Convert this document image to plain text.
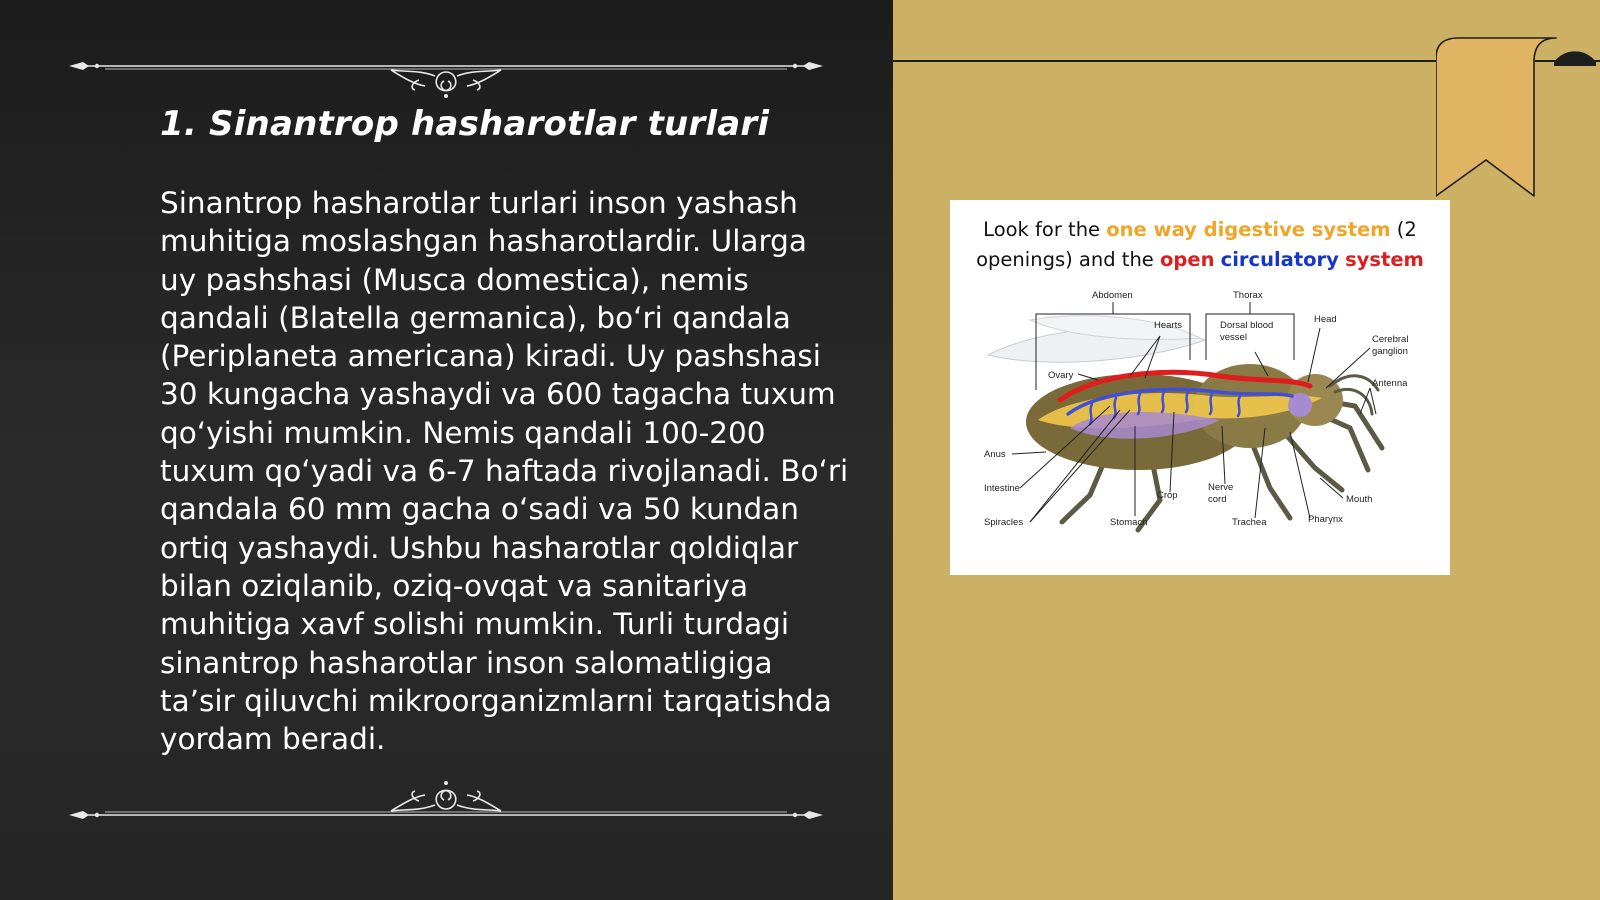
1. Sinantrop hasharotlar turlari

Sinantrop hasharotlar turlari inson yashash muhitiga moslashgan hasharotlardir. Ularga uy pashshasi (Musca domestica), nemis qandali (Blatella germanica), bo‘ri qandala (Periplaneta americana) kiradi. Uy pashshasi 30 kungacha yashaydi va 600 tagacha tuxum qo‘yishi mumkin. Nemis qandali 100-200 tuxum qo‘yadi va 6-7 haftada rivojlanadi. Bo‘ri qandala 60 mm gacha o‘sadi va 50 kundan ortiq yashaydi. Ushbu hasharotlar qoldiqlar bilan oziqlanib, oziq-ovqat va sanitariya muhitiga xavf solishi mumkin. Turli turdagi sinantrop hasharotlar inson salomatligiga ta’sir qiluvchi mikroorganizmlarni tarqatishda yordam beradi.

Look for the one way digestive system (2 openings) and the open circulatory system
Abdomen	Thorax
Hearts	Dorsal blood
vessel
Head
Cerebral
ganglion
Antenna
Ovary
Anus
Intestine
Spiracles	Stomach
Crop
Nerve
cord
Trachea	Pharynx
Mouth
